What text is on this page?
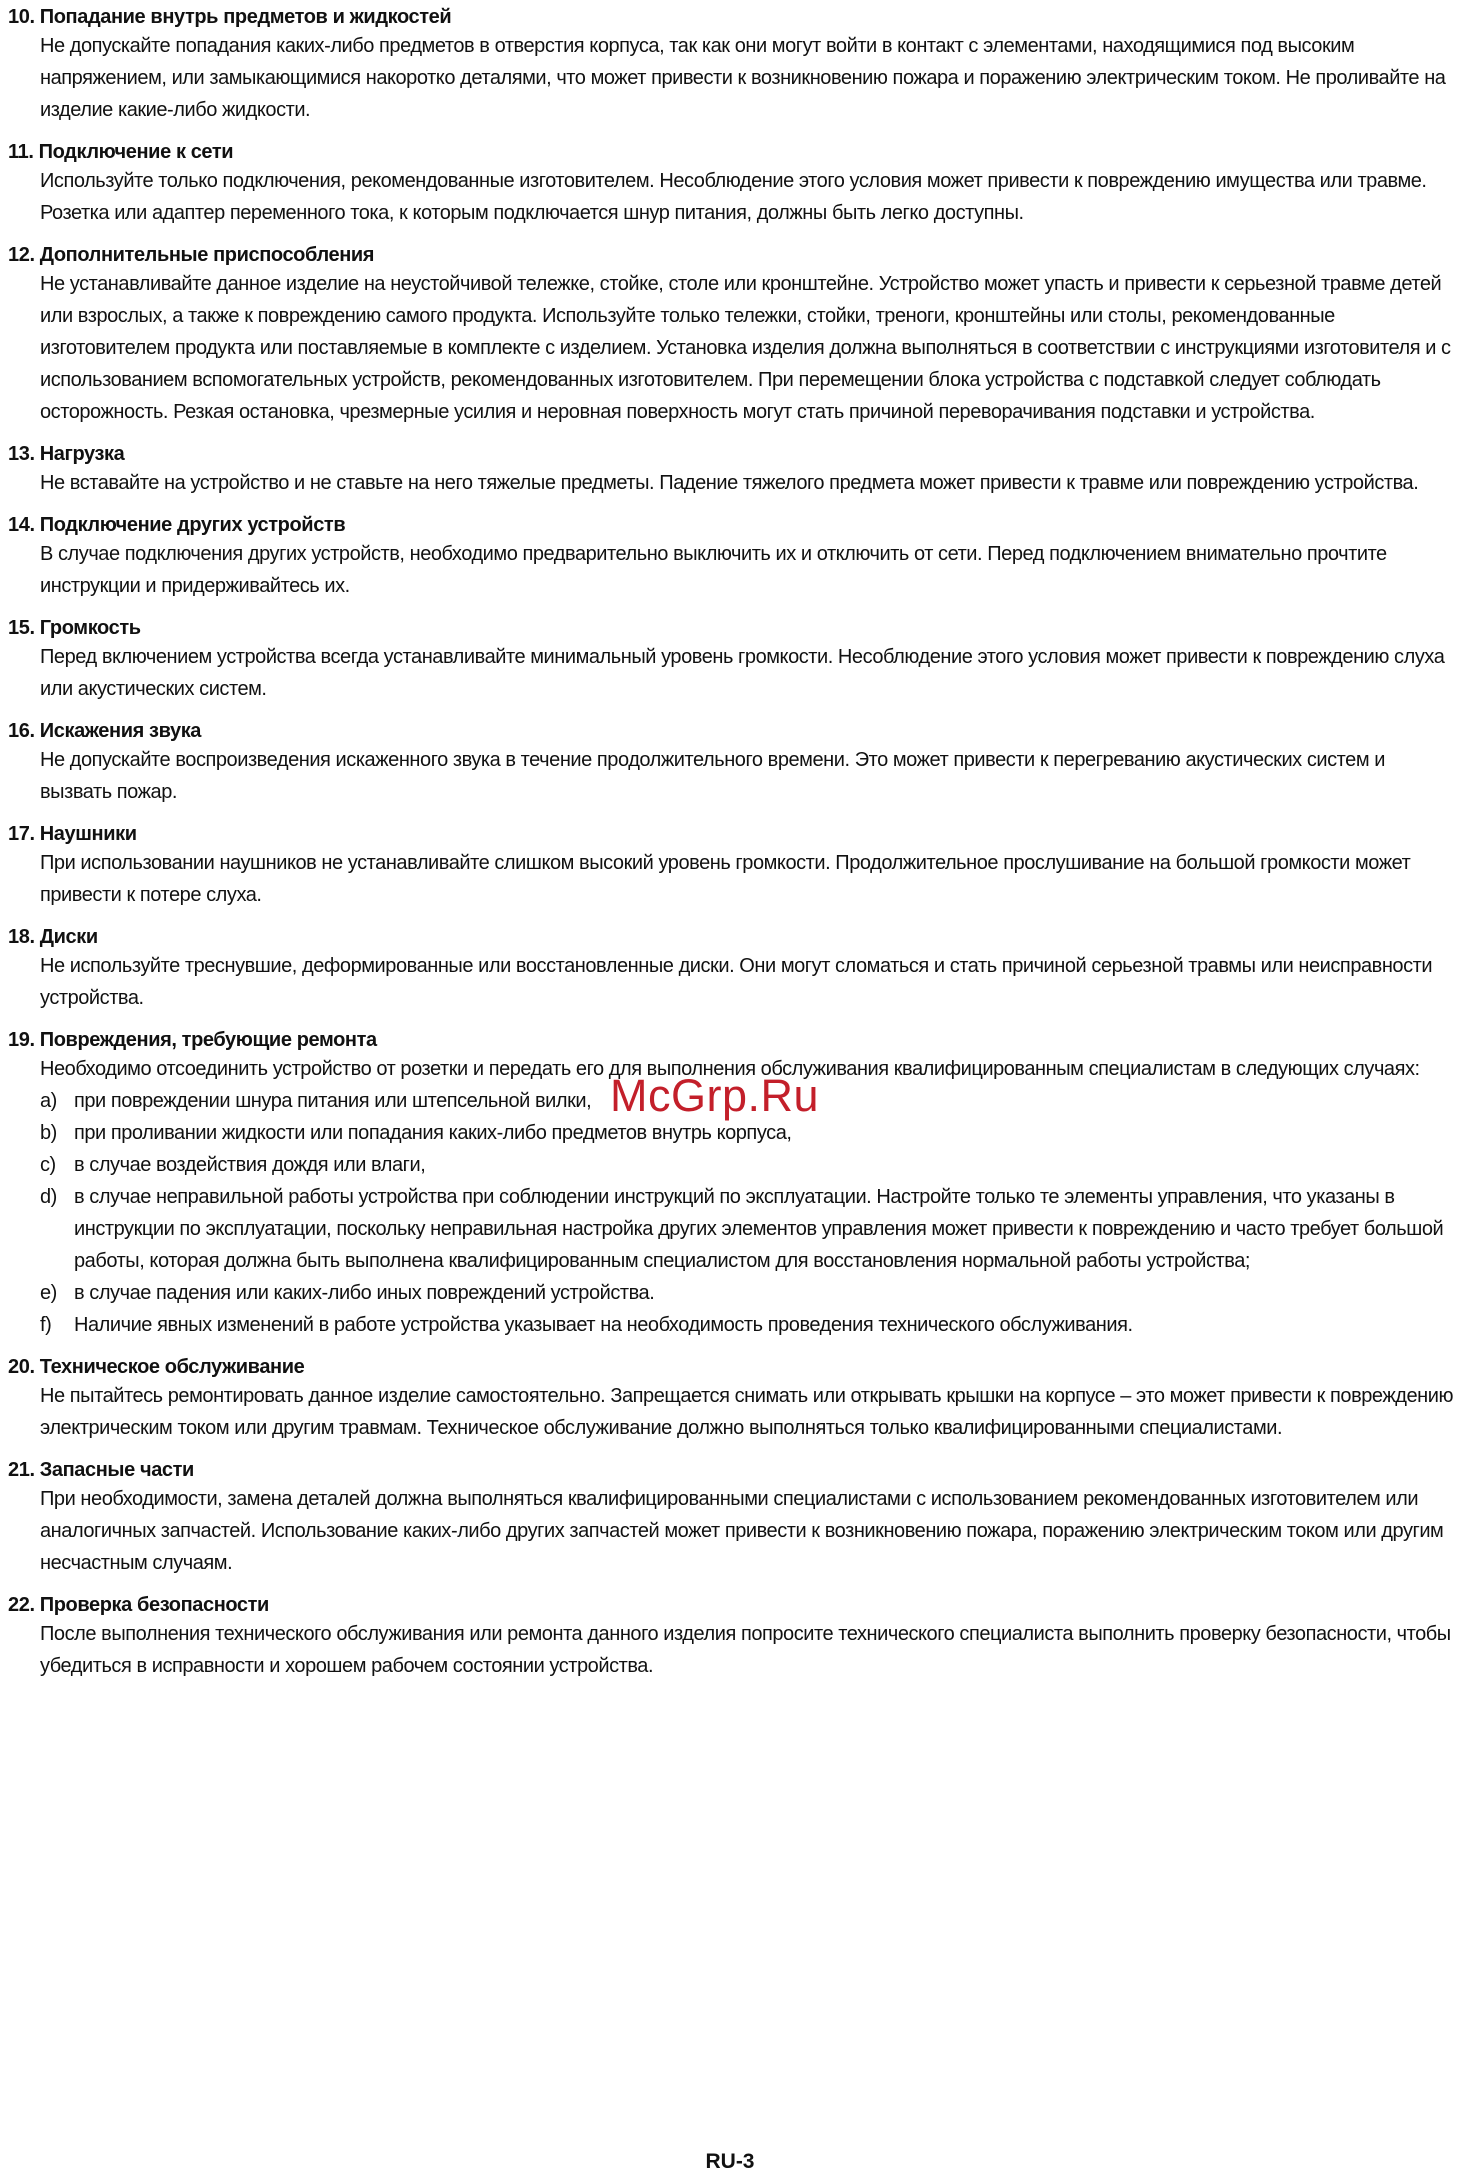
10. Попадание внутрь предметов и жидкостей

Не допускайте попадания каких-либо предметов в отверстия корпуса, так как они могут войти в контакт с элементами, находящимися под высоким напряжением, или замыкающимися накоротко деталями, что может привести к возникновению пожара и поражению электрическим током. Не проливайте на изделие какие-либо жидкости.

11. Подключение к сети

Используйте только подключения, рекомендованные изготовителем. Несоблюдение этого условия может привести к повреждению имущества или травме. Розетка или адаптер переменного тока, к которым подключается шнур питания, должны быть легко доступны.

12. Дополнительные приспособления

Не устанавливайте данное изделие на неустойчивой тележке, стойке, столе или кронштейне. Устройство может упасть и привести к серьезной травме детей или взрослых, а также к повреждению самого продукта. Используйте только тележки, стойки, треноги, кронштейны или столы, рекомендованные изготовителем продукта или поставляемые в комплекте с изделием. Установка изделия должна выполняться в соответствии с инструкциями изготовителя и с использованием вспомогательных устройств, рекомендованных изготовителем. При перемещении блока устройства с подставкой следует соблюдать осторожность. Резкая остановка, чрезмерные усилия и неровная поверхность могут стать причиной переворачивания подставки и устройства.

13. Нагрузка

Не вставайте на устройство и не ставьте на него тяжелые предметы. Падение тяжелого предмета может привести к травме или повреждению устройства.

14. Подключение других устройств

В случае подключения других устройств, необходимо предварительно выключить их и отключить от сети. Перед подключением внимательно прочтите инструкции и придерживайтесь их.

15. Громкость

Перед включением устройства всегда устанавливайте минимальный уровень громкости. Несоблюдение этого условия может привести к повреждению слуха или акустических систем.

16. Искажения звука

Не допускайте воспроизведения искаженного звука в течение продолжительного времени. Это может привести к перегреванию акустических систем и вызвать пожар.

17. Наушники

При использовании наушников не устанавливайте слишком высокий уровень громкости. Продолжительное прослушивание на большой громкости может привести к потере слуха.

18. Диски

Не используйте треснувшие, деформированные или восстановленные диски. Они могут сломаться и стать причиной серьезной травмы или неисправности устройства.

19. Повреждения, требующие ремонта

Необходимо отсоединить устройство от розетки и передать его для выполнения обслуживания квалифицированным специалистам в следующих случаях:

a) при повреждении шнура питания или штепсельной вилки,
b) при проливании жидкости или попадания каких-либо предметов внутрь корпуса,
c) в случае воздействия дождя или влаги,
d) в случае неправильной работы устройства при соблюдении инструкций по эксплуатации. Настройте только те элементы управления, что указаны в инструкции по эксплуатации, поскольку неправильная настройка других элементов управления может привести к повреждению и часто требует большой работы, которая должна быть выполнена квалифицированным специалистом для восстановления нормальной работы устройства;
e) в случае падения или каких-либо иных повреждений устройства.
f)	Наличие явных изменений в работе устройства указывает на необходимость проведения технического обслуживания.
20. Техническое обслуживание

Не пытайтесь ремонтировать данное изделие самостоятельно. Запрещается снимать или открывать крышки на корпусе – это может привести к повреждению электрическим током или другим травмам. Техническое обслуживание должно выполняться только квалифицированными специалистами.

21. Запасные части

При необходимости, замена деталей должна выполняться квалифицированными специалистами с использованием рекомендованных изготовителем или аналогичных запчастей. Использование каких-либо других запчастей может привести к возникновению пожара, поражению электрическим током или другим несчастным случаям.

22. Проверка безопасности

После выполнения технического обслуживания или ремонта данного изделия попросите технического специалиста выполнить проверку безопасности, чтобы убедиться в исправности и хорошем рабочем состоянии устройства.

McGrp.Ru
RU-3
